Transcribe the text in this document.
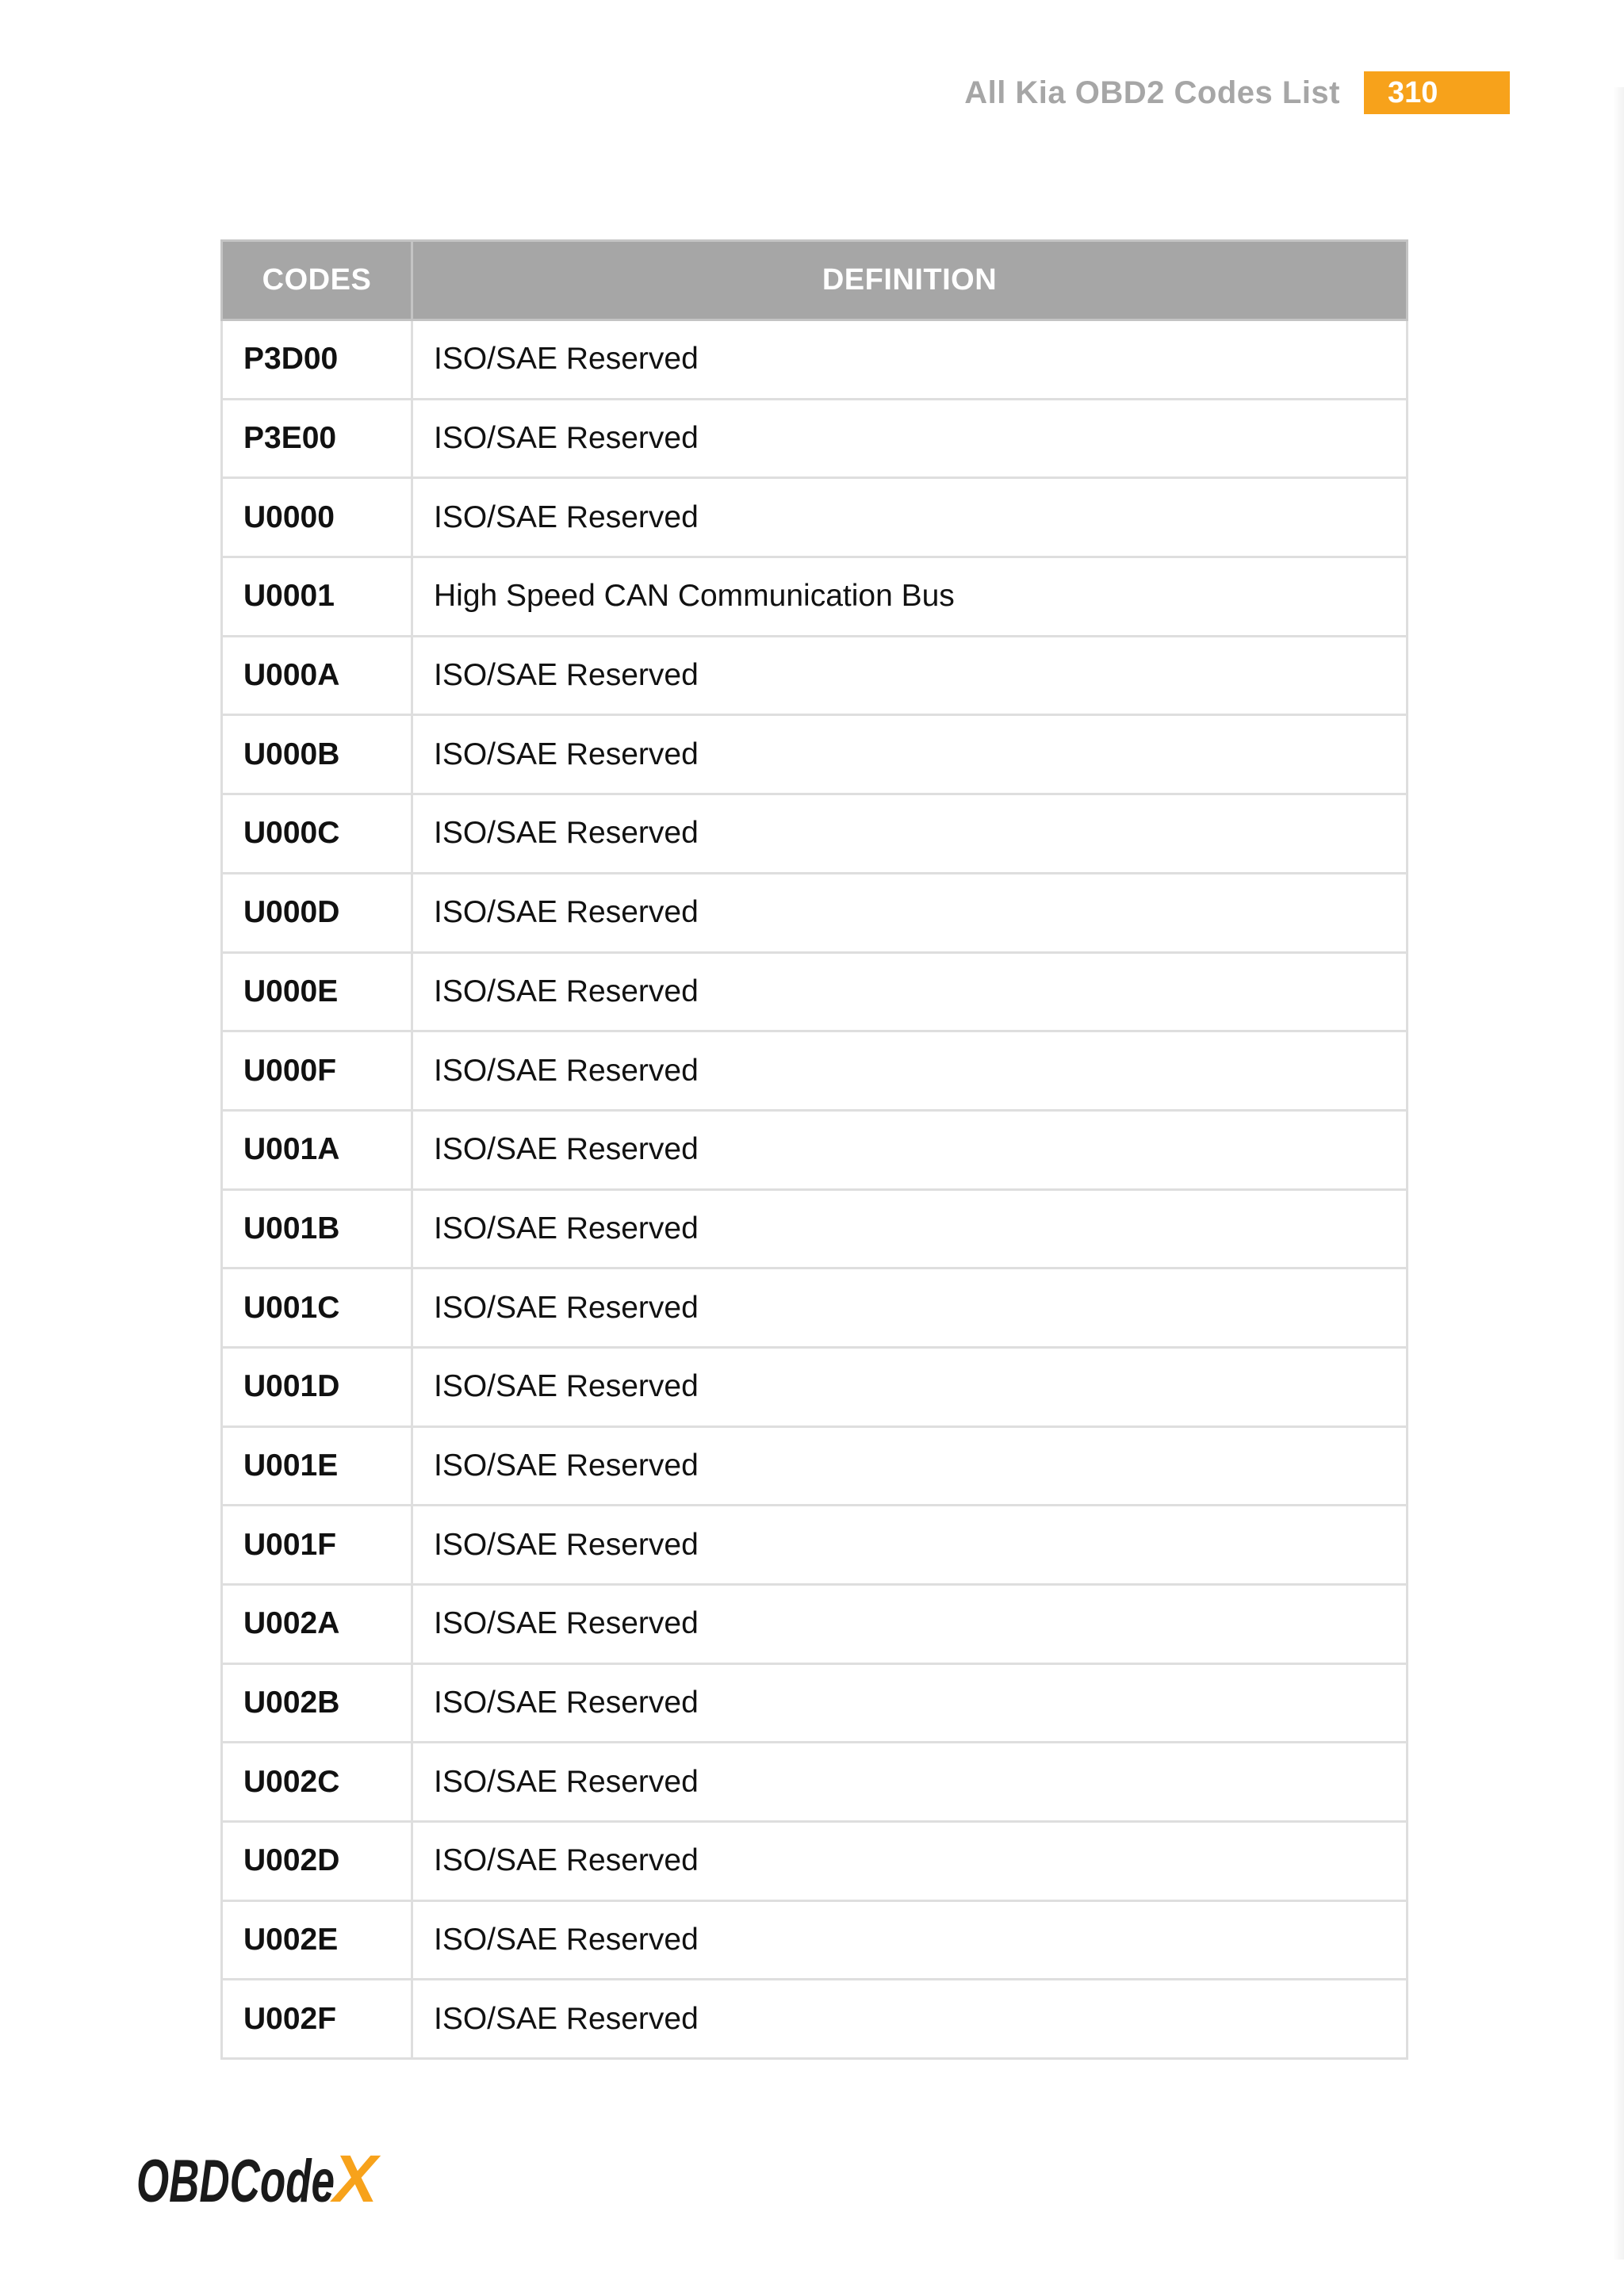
All Kia OBD2 Codes List	310
CODES	DEFINITION
P3D00	ISO/SAE Reserved
P3E00	ISO/SAE Reserved
U0000	ISO/SAE Reserved
U0001	High Speed CAN Communication Bus
U000A	ISO/SAE Reserved
U000B	ISO/SAE Reserved
U000C	ISO/SAE Reserved
U000D	ISO/SAE Reserved
U000E	ISO/SAE Reserved
U000F	ISO/SAE Reserved
U001A	ISO/SAE Reserved
U001B	ISO/SAE Reserved
U001C	ISO/SAE Reserved
U001D	ISO/SAE Reserved
U001E	ISO/SAE Reserved
U001F	ISO/SAE Reserved
U002A	ISO/SAE Reserved
U002B	ISO/SAE Reserved
U002C	ISO/SAE Reserved
U002D	ISO/SAE Reserved
U002E	ISO/SAE Reserved
U002F	ISO/SAE Reserved
OBDCode
X
